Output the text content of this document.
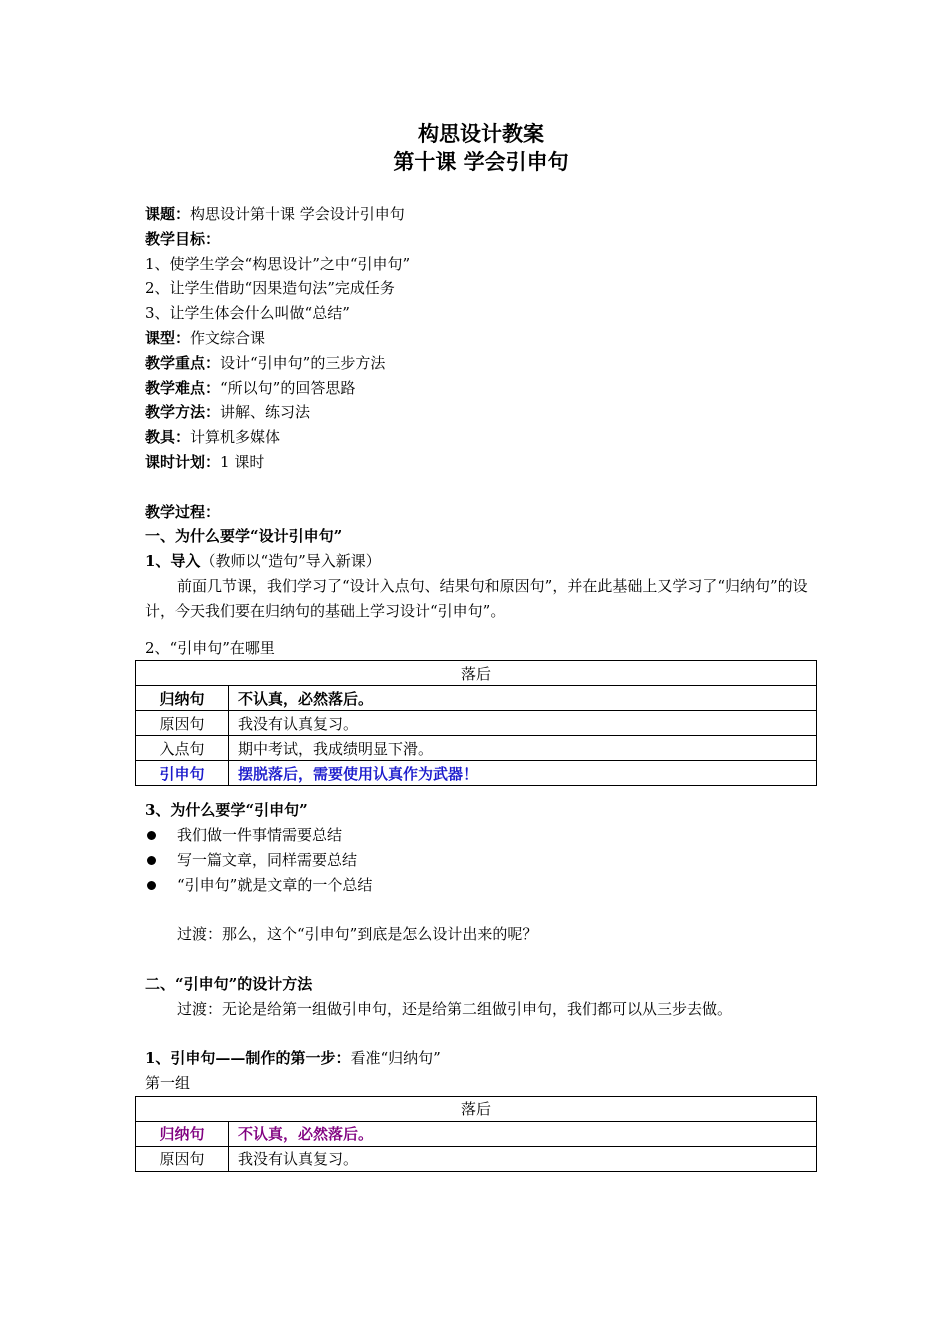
构思设计教案
第十课 学会引申句
课题：构思设计第十课 学会设计引申句
教学目标：
1、使学生学会“构思设计”之中“引申句”
2、让学生借助“因果造句法”完成任务
3、让学生体会什么叫做“总结”
课型：作文综合课
教学重点：设计“引申句”的三步方法
教学难点：“所以句”的回答思路
教学方法：讲解、练习法
教具：计算机多媒体
课时计划：1 课时
教学过程：
一、为什么要学“设计引申句”
1、导入（教师以“造句”导入新课）

前面几节课，我们学习了“设计入点句、结果句和原因句”，并在此基础上又学习了“归纳句”的设计，今天我们要在归纳句的基础上学习设计“引申句”。

2、“引申句”在哪里
落后	
归纳句	不认真，必然落后。
原因句	我没有认真复习。
入点句	期中考试，我成绩明显下滑。
引申句	摆脱落后，需要使用认真作为武器！
3、为什么要学“引申句”
我们做一件事情需要总结
写一篇文章，同样需要总结
“引申句”就是文章的一个总结
过渡：那么，这个“引申句”到底是怎么设计出来的呢？
二、“引申句”的设计方法
过渡：无论是给第一组做引申句，还是给第二组做引申句，我们都可以从三步去做。
1、引申句——制作的第一步：看准“归纳句”
第一组
落后	
归纳句	不认真，必然落后。
原因句	我没有认真复习。
